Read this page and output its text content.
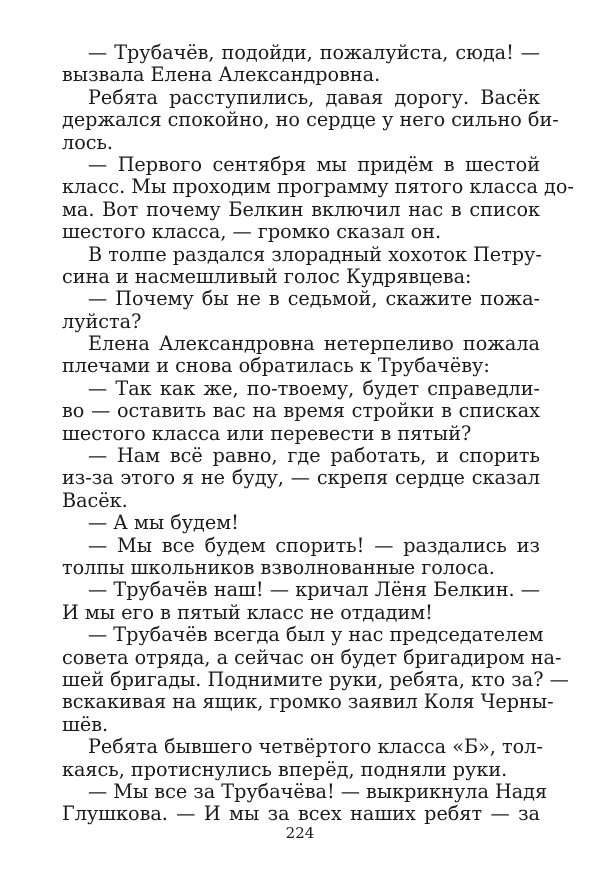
— Трубачёв, подойди, пожалуйста, сюда! —
вызвала Елена Александровна.
Ребята расступились, давая дорогу. Васёк
держался спокойно, но сердце у него сильно би-
лось.
— Первого сентября мы придём в шестой
класс. Мы проходим программу пятого класса до-
ма. Вот почему Белкин включил нас в список
шестого класса, — громко сказал он.
В толпе раздался злорадный хохоток Петру-
сина и насмешливый голос Кудрявцева:
— Почему бы не в седьмой, скажите пожа-
луйста?
Елена Александровна нетерпеливо пожала
плечами и снова обратилась к Трубачёву:
— Так как же, по-твоему, будет справедли-
во — оставить вас на время стройки в списках
шестого класса или перевести в пятый?
— Нам всё равно, где работать, и спорить
из-за этого я не буду, — скрепя сердце сказал
Васёк.
— А мы будем!
— Мы все будем спорить! — раздались из
толпы школьников взволнованные голоса.
— Трубачёв наш! — кричал Лёня Белкин. —
И мы его в пятый класс не отдадим!
— Трубачёв всегда был у нас председателем
совета отряда, а сейчас он будет бригадиром на-
шей бригады. Поднимите руки, ребята, кто за? —
вскакивая на ящик, громко заявил Коля Черны-
шёв.
Ребята бывшего четвёртого класса «Б», тол-
каясь, протиснулись вперёд, подняли руки.
— Мы все за Трубачёва! — выкрикнула Надя
Глушкова. — И мы за всех наших ребят — за
224
